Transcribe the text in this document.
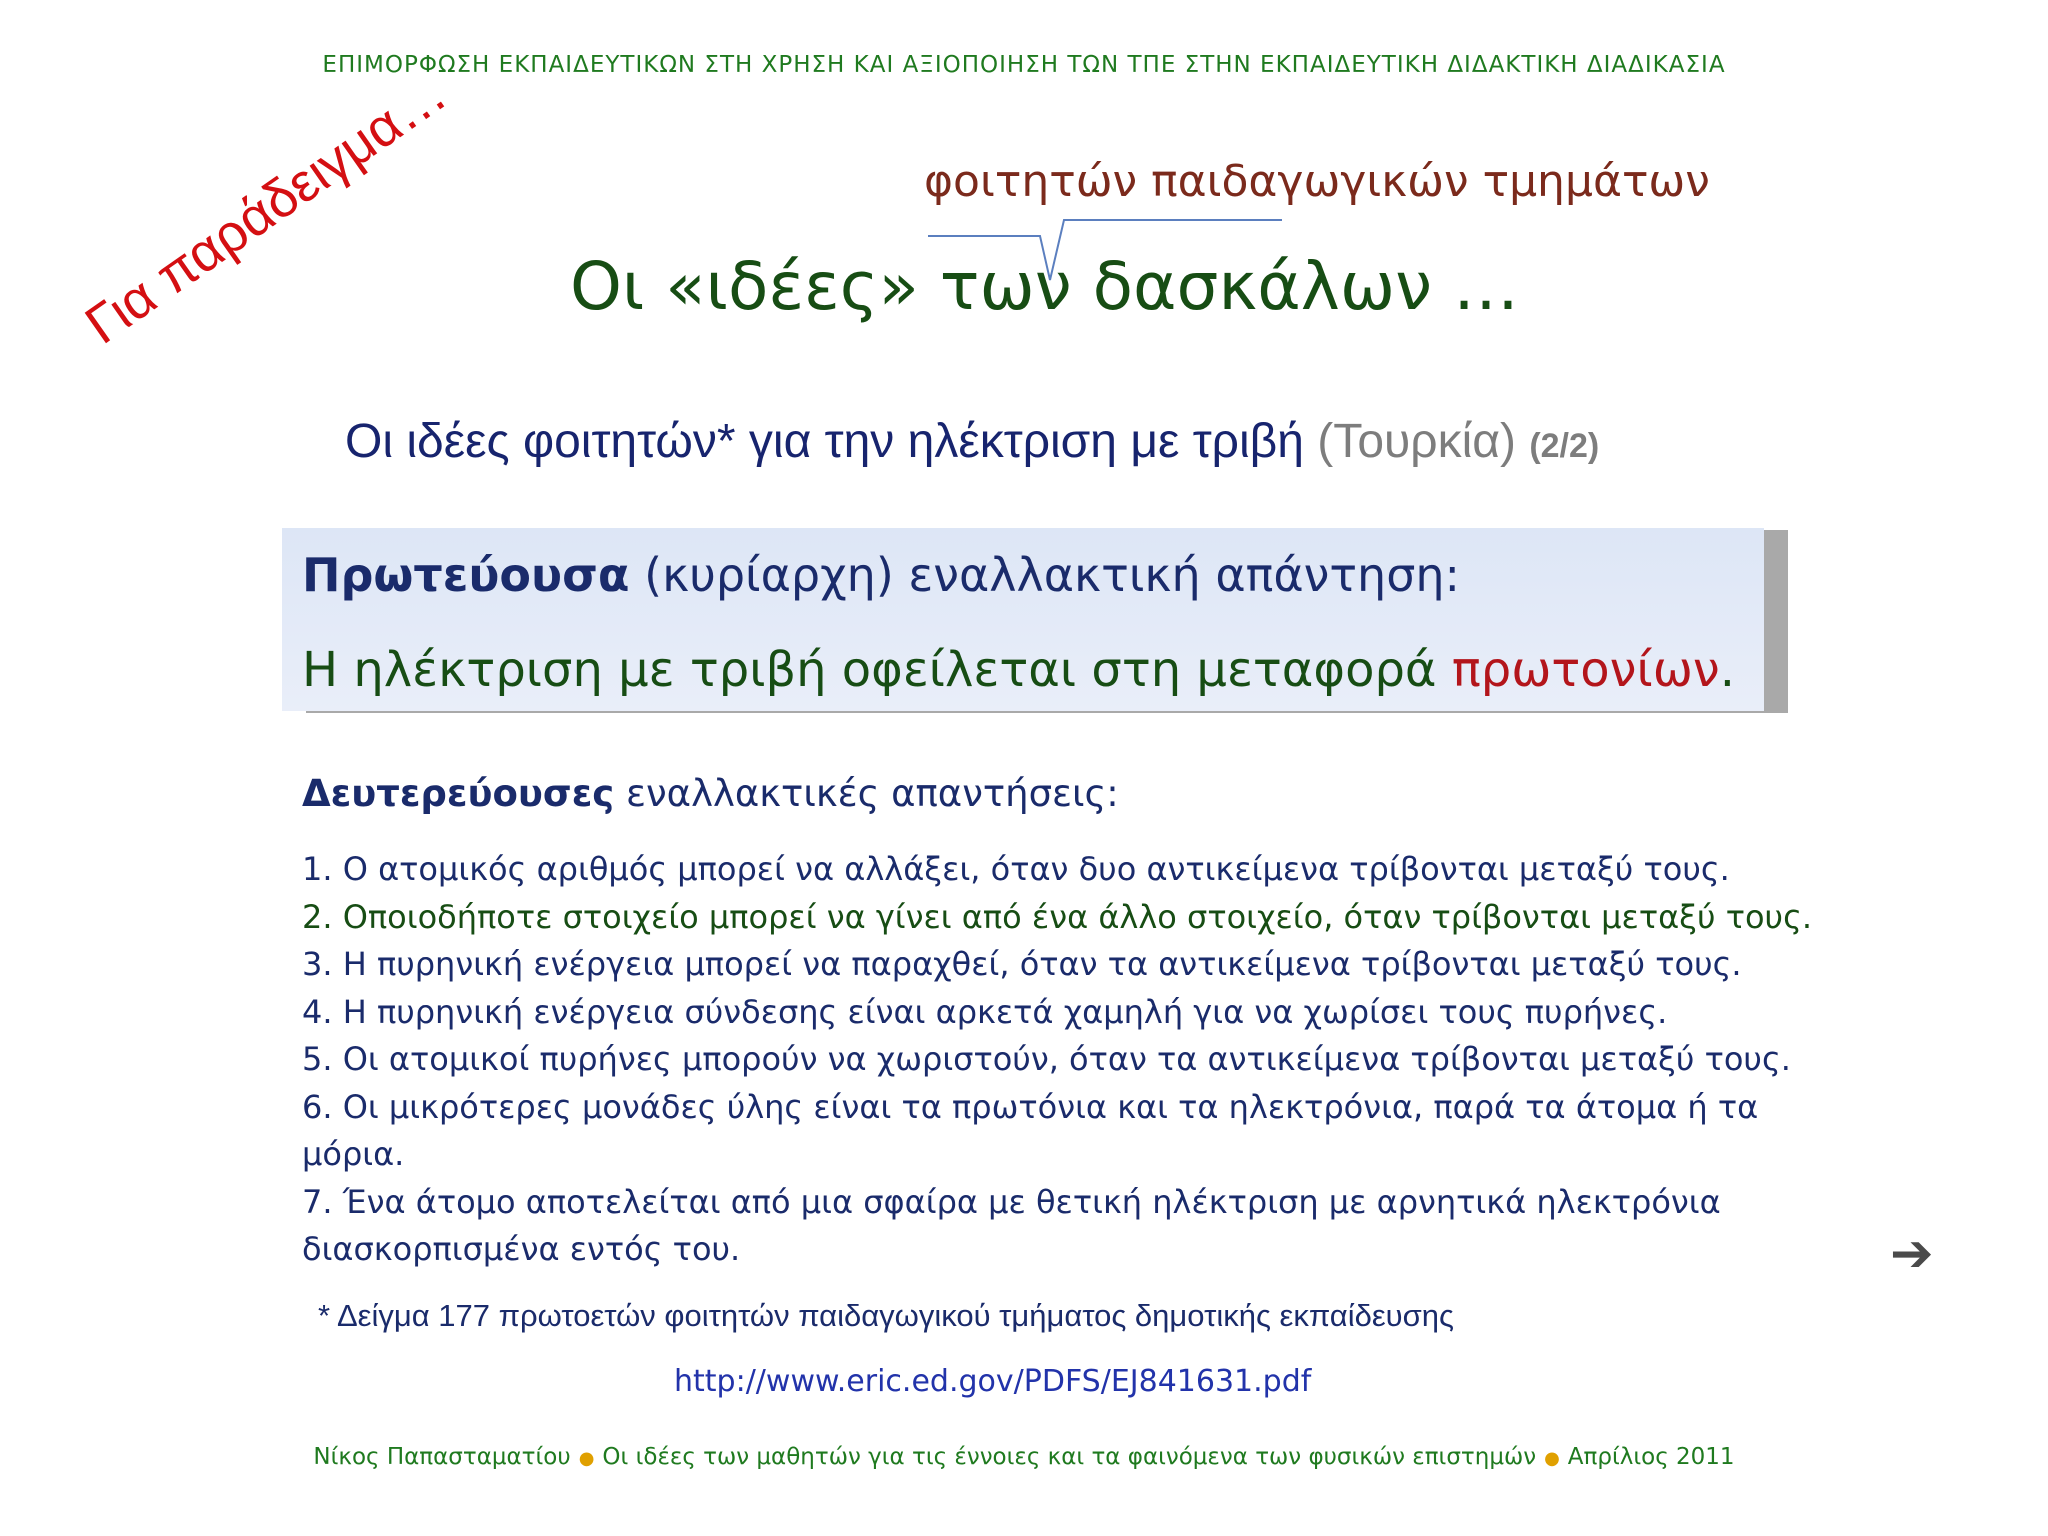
ΕΠΙΜΟΡΦΩΣΗ ΕΚΠΑΙΔΕΥΤΙΚΩΝ ΣΤΗ ΧΡΗΣΗ ΚΑΙ ΑΞΙΟΠΟΙΗΣΗ ΤΩΝ ΤΠΕ ΣΤΗΝ ΕΚΠΑΙΔΕΥΤΙΚΗ ΔΙΔΑΚΤΙΚΗ ΔΙΑΔΙΚΑΣΙΑ
φοιτητών παιδαγωγικών τμημάτων
Οι «ιδέες» των δασκάλων …
Για παράδειγμα…
Οι ιδέες φοιτητών* για την ηλέκτριση με τριβή (Τουρκία) (2/2)
Πρωτεύουσα (κυρίαρχη) εναλλακτική απάντηση:
Η ηλέκτριση με τριβή οφείλεται στη μεταφορά πρωτονίων.
Δευτερεύουσες εναλλακτικές απαντήσεις:
1. Ο ατομικός αριθμός μπορεί να αλλάξει, όταν δυο αντικείμενα τρίβονται μεταξύ τους.
2. Οποιοδήποτε στοιχείο μπορεί να γίνει από ένα άλλο στοιχείο, όταν τρίβονται μεταξύ τους.
3. Η πυρηνική ενέργεια μπορεί να παραχθεί, όταν τα αντικείμενα τρίβονται μεταξύ τους.
4. Η πυρηνική ενέργεια σύνδεσης είναι αρκετά χαμηλή για να χωρίσει τους πυρήνες.
5. Οι ατομικοί πυρήνες μπορούν να χωριστούν, όταν τα αντικείμενα τρίβονται μεταξύ τους.
6. Οι μικρότερες μονάδες ύλης είναι τα πρωτόνια και τα ηλεκτρόνια, παρά τα άτομα ή τα μόρια.
7. Ένα άτομο αποτελείται από μια σφαίρα με θετική ηλέκτριση με αρνητικά ηλεκτρόνια διασκορπισμένα εντός του.
* Δείγμα 177 πρωτοετών φοιτητών παιδαγωγικού τμήματος δημοτικής εκπαίδευσης
http://www.eric.ed.gov/PDFS/EJ841631.pdf
➔
Νίκος Παπασταματίου ● Οι ιδέες των μαθητών για τις έννοιες και τα φαινόμενα των φυσικών επιστημών ● Απρίλιος 2011
